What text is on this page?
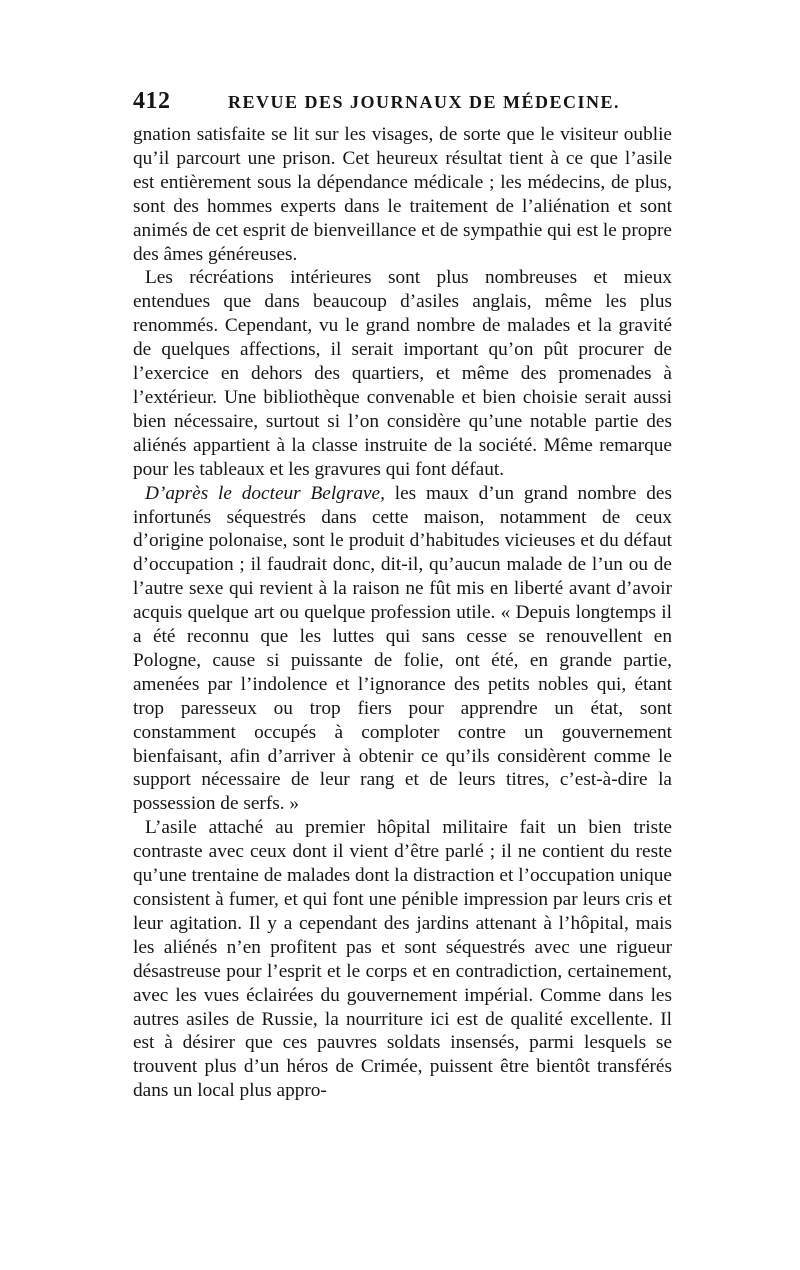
412	REVUE DES JOURNAUX DE MÉDECINE.

gnation satisfaite se lit sur les visages, de sorte que le visiteur oublie qu’il parcourt une prison. Cet heureux résultat tient à ce que l’asile est entièrement sous la dépendance médicale ; les médecins, de plus, sont des hommes experts dans le traitement de l’aliénation et sont animés de cet esprit de bienveillance et de sympathie qui est le propre des âmes généreuses.

Les récréations intérieures sont plus nombreuses et mieux entendues que dans beaucoup d’asiles anglais, même les plus renommés. Cependant, vu le grand nombre de malades et la gravité de quelques affections, il serait important qu’on pût procurer de l’exercice en dehors des quartiers, et même des promenades à l’extérieur. Une bibliothèque convenable et bien choisie serait aussi bien nécessaire, surtout si l’on considère qu’une notable partie des aliénés appartient à la classe instruite de la société. Même remarque pour les tableaux et les gravures qui font défaut.

D’après le docteur Belgrave, les maux d’un grand nombre des infortunés séquestrés dans cette maison, notamment de ceux d’origine polonaise, sont le produit d’habitudes vicieuses et du défaut d’occupation ; il faudrait donc, dit-il, qu’aucun malade de l’un ou de l’autre sexe qui revient à la raison ne fût mis en liberté avant d’avoir acquis quelque art ou quelque profession utile. « Depuis longtemps il a été reconnu que les luttes qui sans cesse se renouvellent en Pologne, cause si puissante de folie, ont été, en grande partie, amenées par l’indolence et l’ignorance des petits nobles qui, étant trop paresseux ou trop fiers pour apprendre un état, sont constamment occupés à comploter contre un gouvernement bienfaisant, afin d’arriver à obtenir ce qu’ils considèrent comme le support nécessaire de leur rang et de leurs titres, c’est-à-dire la possession de serfs. »

L’asile attaché au premier hôpital militaire fait un bien triste contraste avec ceux dont il vient d’être parlé ; il ne contient du reste qu’une trentaine de malades dont la distraction et l’occupation unique consistent à fumer, et qui font une pénible impression par leurs cris et leur agitation. Il y a cependant des jardins attenant à l’hôpital, mais les aliénés n’en profitent pas et sont séquestrés avec une rigueur désastreuse pour l’esprit et le corps et en contradiction, certainement, avec les vues éclairées du gouvernement impérial. Comme dans les autres asiles de Russie, la nourriture ici est de qualité excellente. Il est à désirer que ces pauvres soldats insensés, parmi lesquels se trouvent plus d’un héros de Crimée, puissent être bientôt transférés dans un local plus appro-
